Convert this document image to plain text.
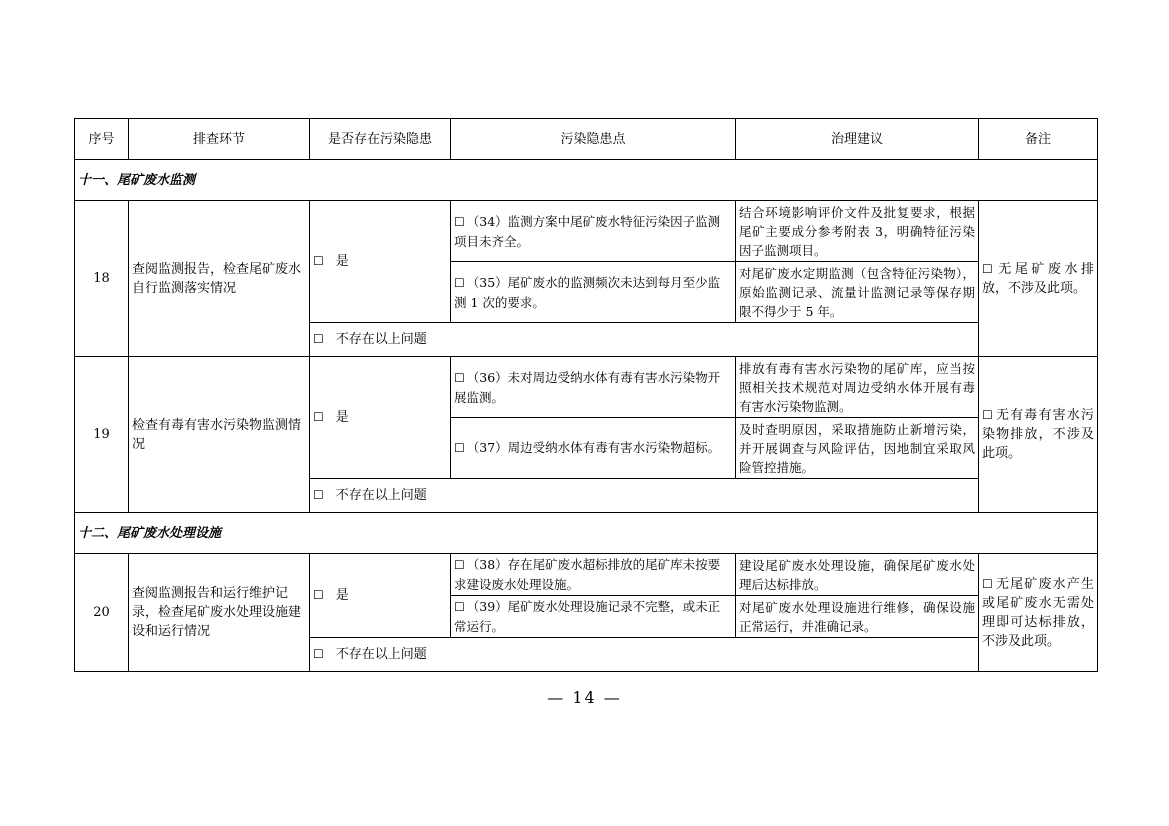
序号	排查环节	是否存在污染隐患	污染隐患点	治理建议	备注
十一、尾矿废水监测					
18	查阅监测报告，检查尾矿废水自行监测落实情况	☐ 是	☐ （34）监测方案中尾矿废水特征污染因子监测项目未齐全。	结合环境影响评价文件及批复要求，根据尾矿主要成分参考附表 3，明确特征污染因子监测项目。	☐ 无尾矿废水排放，不涉及此项。
			☐ （35）尾矿废水的监测频次未达到每月至少监测 1 次的要求。	对尾矿废水定期监测（包含特征污染物），原始监测记录、流量计监测记录等保存期限不得少于 5 年。	
		☐ 不存在以上问题			
19	检查有毒有害水污染物监测情况	☐ 是	☐ （36）未对周边受纳水体有毒有害水污染物开展监测。	排放有毒有害水污染物的尾矿库，应当按照相关技术规范对周边受纳水体开展有毒有害水污染物监测。	☐ 无有毒有害水污染物排放，不涉及此项。
			☐ （37）周边受纳水体有毒有害水污染物超标。	及时查明原因，采取措施防止新增污染，并开展调查与风险评估，因地制宜采取风险管控措施。	
		☐ 不存在以上问题			
十二、尾矿废水处理设施					
20	查阅监测报告和运行维护记录，检查尾矿废水处理设施建设和运行情况	☐ 是	☐ （38）存在尾矿废水超标排放的尾矿库未按要求建设废水处理设施。	建设尾矿废水处理设施，确保尾矿废水处理后达标排放。	☐ 无尾矿废水产生或尾矿废水无需处理即可达标排放，不涉及此项。
			☐ （39）尾矿废水处理设施记录不完整，或未正常运行。	对尾矿废水处理设施进行维修，确保设施正常运行，并准确记录。	
		☐ 不存在以上问题			
— 14 —
